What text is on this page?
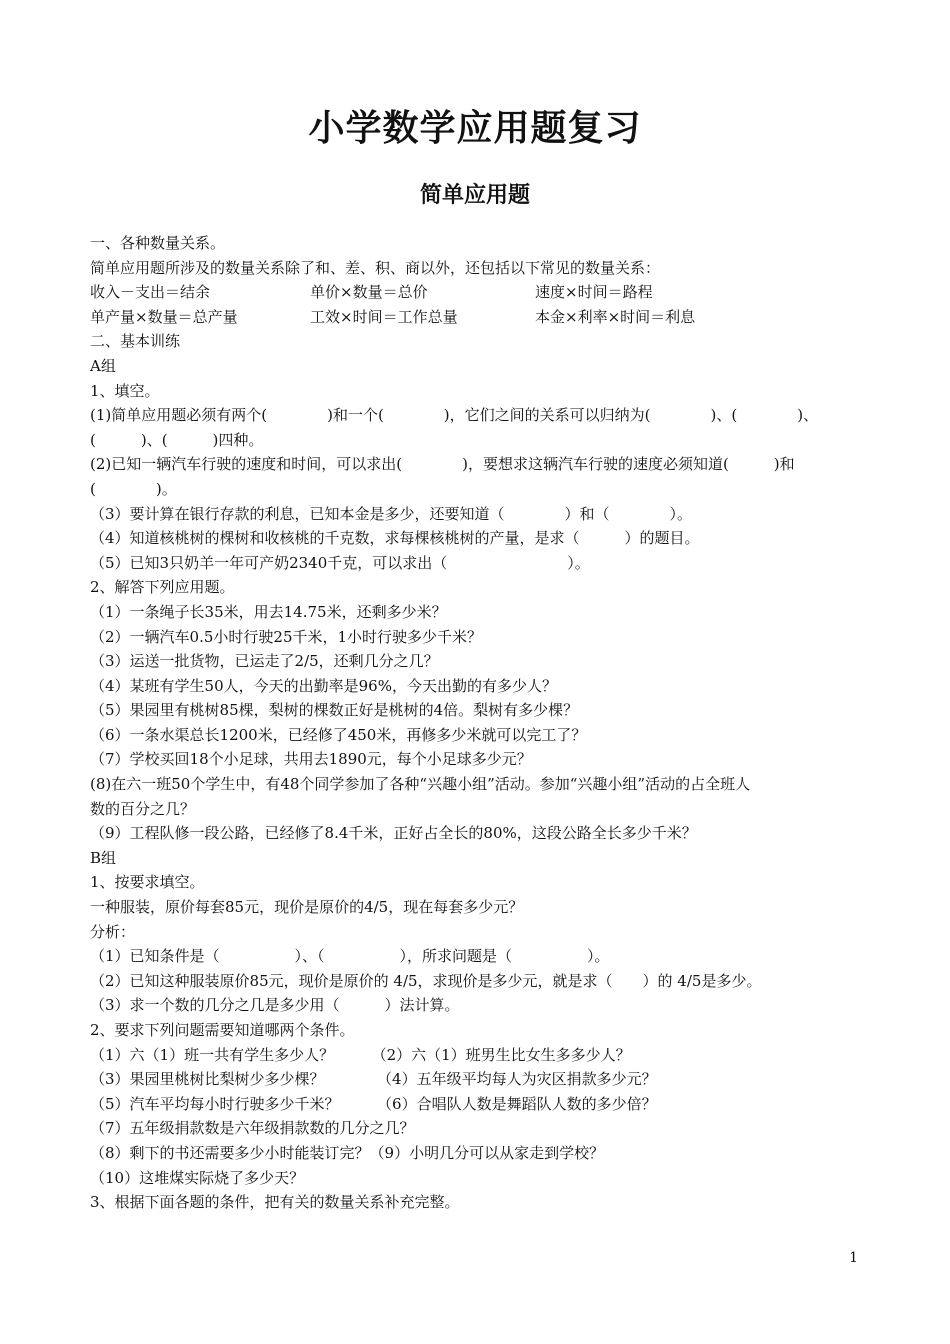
小学数学应用题复习
简单应用题
一、各种数量关系。
简单应用题所涉及的数量关系除了和、差、积、商以外，还包括以下常见的数量关系：
收入－支出＝结余	单价×数量＝总价	速度×时间＝路程
单产量×数量＝总产量	工效×时间＝工作总量	本金×利率×时间＝利息
二、基本训练
A组
1、填空。
(1)简单应用题必须有两个(　　　　)和一个(　　　　)，它们之间的关系可以归纳为(　　　　)、(　　　　)、
(　　　)、(　　　)四种。
(2)已知一辆汽车行驶的速度和时间，可以求出(　　　　)，要想求这辆汽车行驶的速度必须知道(　　　)和
(　　　　)。
（3）要计算在银行存款的利息，已知本金是多少，还要知道（　　　　）和（　　　　）。
（4）知道核桃树的棵树和收核桃的千克数，求每棵核桃树的产量，是求（　　　）的题目。
（5）已知3只奶羊一年可产奶2340千克，可以求出（　　　　　　　　）。
2、解答下列应用题。
（1）一条绳子长35米，用去14.75米，还剩多少米？
（2）一辆汽车0.5小时行驶25千米，1小时行驶多少千米？
（3）运送一批货物，已运走了2/5，还剩几分之几？
（4）某班有学生50人，今天的出勤率是96%，今天出勤的有多少人？
（5）果园里有桃树85棵，梨树的棵数正好是桃树的4倍。梨树有多少棵？
（6）一条水渠总长1200米，已经修了450米，再修多少米就可以完工了？
（7）学校买回18个小足球，共用去1890元，每个小足球多少元？
(8)在六一班50个学生中，有48个同学参加了各种“兴趣小组”活动。参加“兴趣小组”活动的占全班人
数的百分之几？
（9）工程队修一段公路，已经修了8.4千米，正好占全长的80%，这段公路全长多少千米？
B组
1、按要求填空。
一种服装，原价每套85元，现价是原价的4/5，现在每套多少元？
分析：
（1）已知条件是（　　　　　）、（　　　　　），所求问题是（　　　　　）。
（2）已知这种服装原价85元，现价是原价的 4/5，求现价是多少元，就是求（　　）的 4/5是多少。
（3）求一个数的几分之几是多少用（　　　）法计算。
2、要求下列问题需要知道哪两个条件。
（1）六（1）班一共有学生多少人？　　　（2）六（1）班男生比女生多多少人？
（3）果园里桃树比梨树少多少棵？　　　　（4）五年级平均每人为灾区捐款多少元？
（5）汽车平均每小时行驶多少千米？　　　（6）合唱队人数是舞蹈队人数的多少倍？
（7）五年级捐款数是六年级捐款数的几分之几？
（8）剩下的书还需要多少小时能装订完？（9）小明几分可以从家走到学校？
（10）这堆煤实际烧了多少天？
3、根据下面各题的条件，把有关的数量关系补充完整。
1
